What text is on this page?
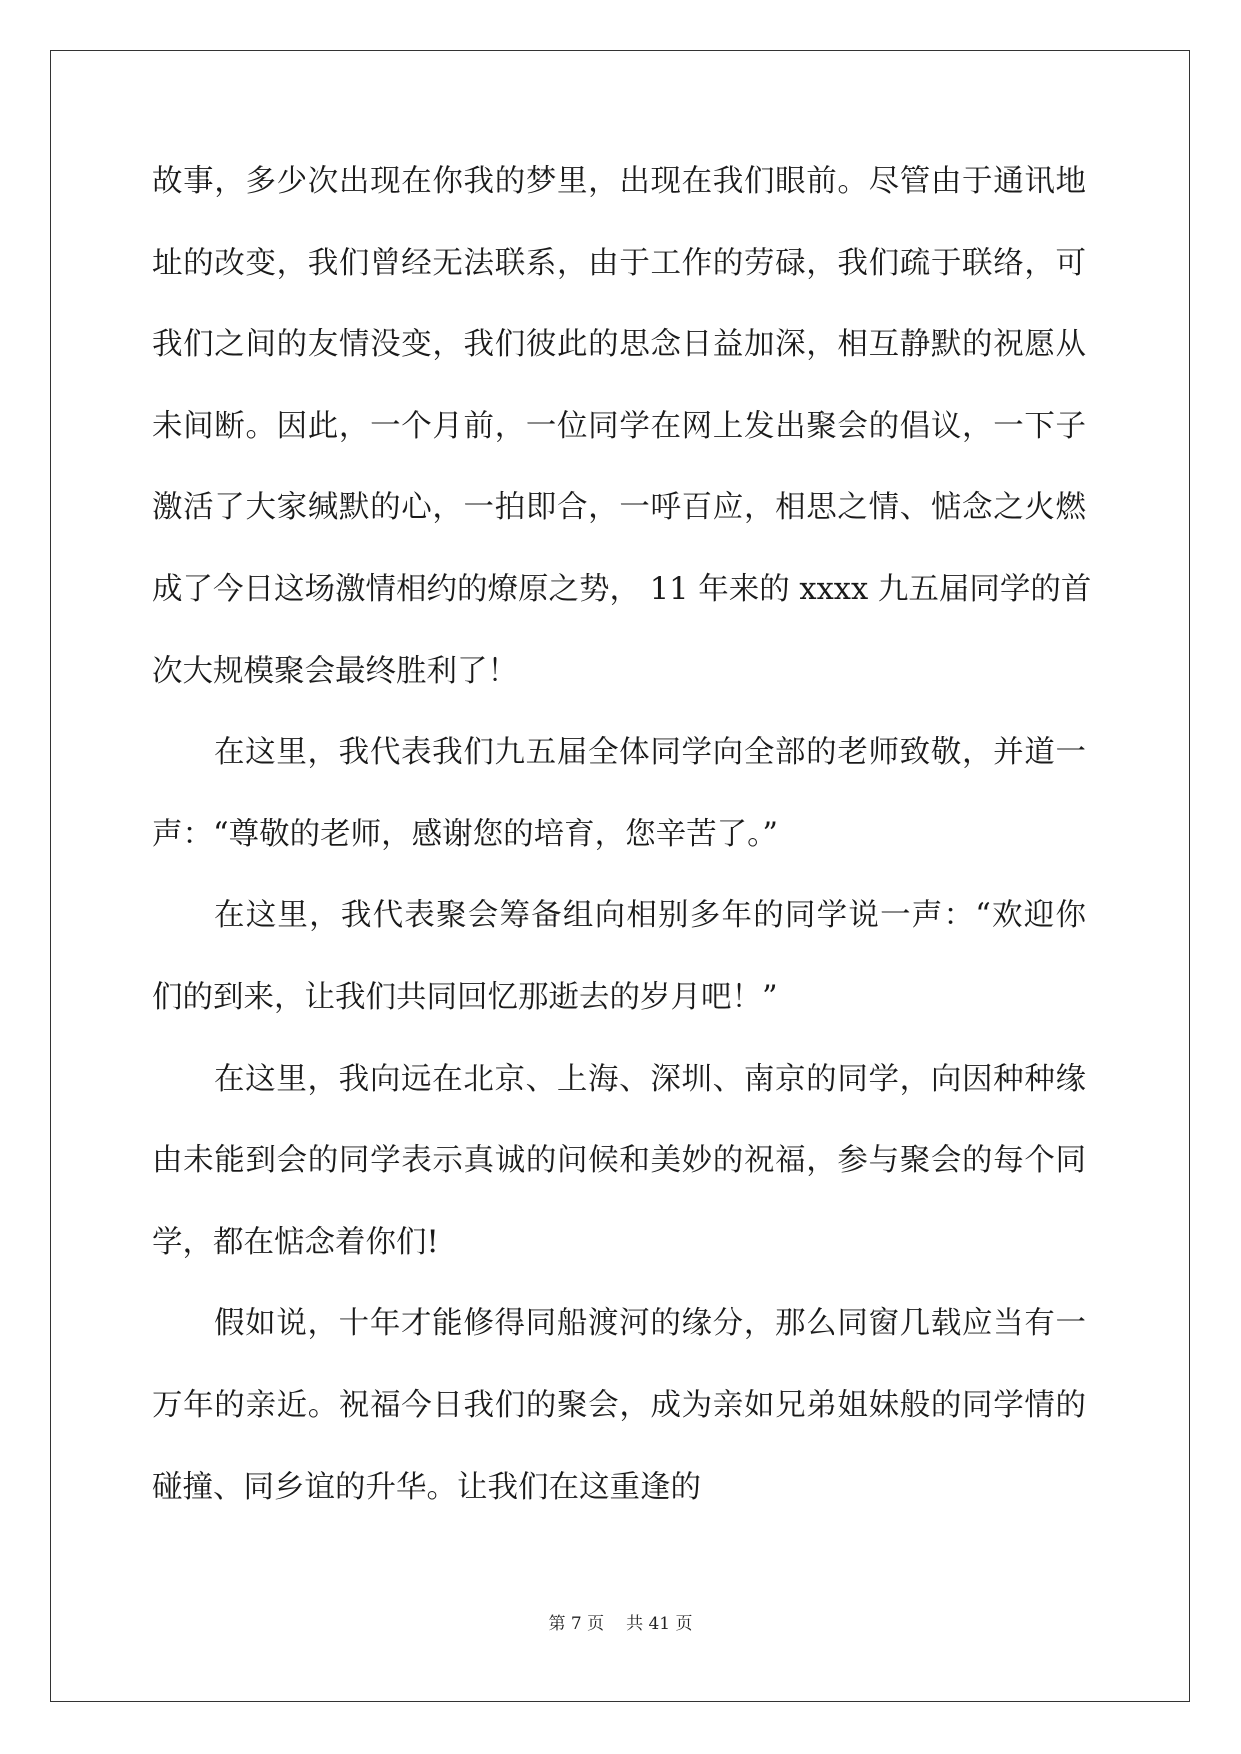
故事，多少次出现在你我的梦里，出现在我们眼前。尽管由于通讯地
址的改变，我们曾经无法联系，由于工作的劳碌，我们疏于联络，可
我们之间的友情没变，我们彼此的思念日益加深，相互静默的祝愿从
未间断。因此，一个月前，一位同学在网上发出聚会的倡议，一下子
激活了大家缄默的心，一拍即合，一呼百应，相思之情、惦念之火燃
成了今日这场激情相约的燎原之势， 11 年来的 xxxx 九五届同学的首
次大规模聚会最终胜利了！
在这里，我代表我们九五届全体同学向全部的老师致敬，并道一
声：“尊敬的老师，感谢您的培育，您辛苦了。”
在这里，我代表聚会筹备组向相别多年的同学说一声：“欢迎你
们的到来，让我们共同回忆那逝去的岁月吧！”
在这里，我向远在北京、上海、深圳、南京的同学，向因种种缘
由未能到会的同学表示真诚的问候和美妙的祝福，参与聚会的每个同
学，都在惦念着你们!
假如说，十年才能修得同船渡河的缘分，那么同窗几载应当有一
万年的亲近。祝福今日我们的聚会，成为亲如兄弟姐妹般的同学情的
碰撞、同乡谊的升华。让我们在这重逢的
第 7 页 共 41 页
